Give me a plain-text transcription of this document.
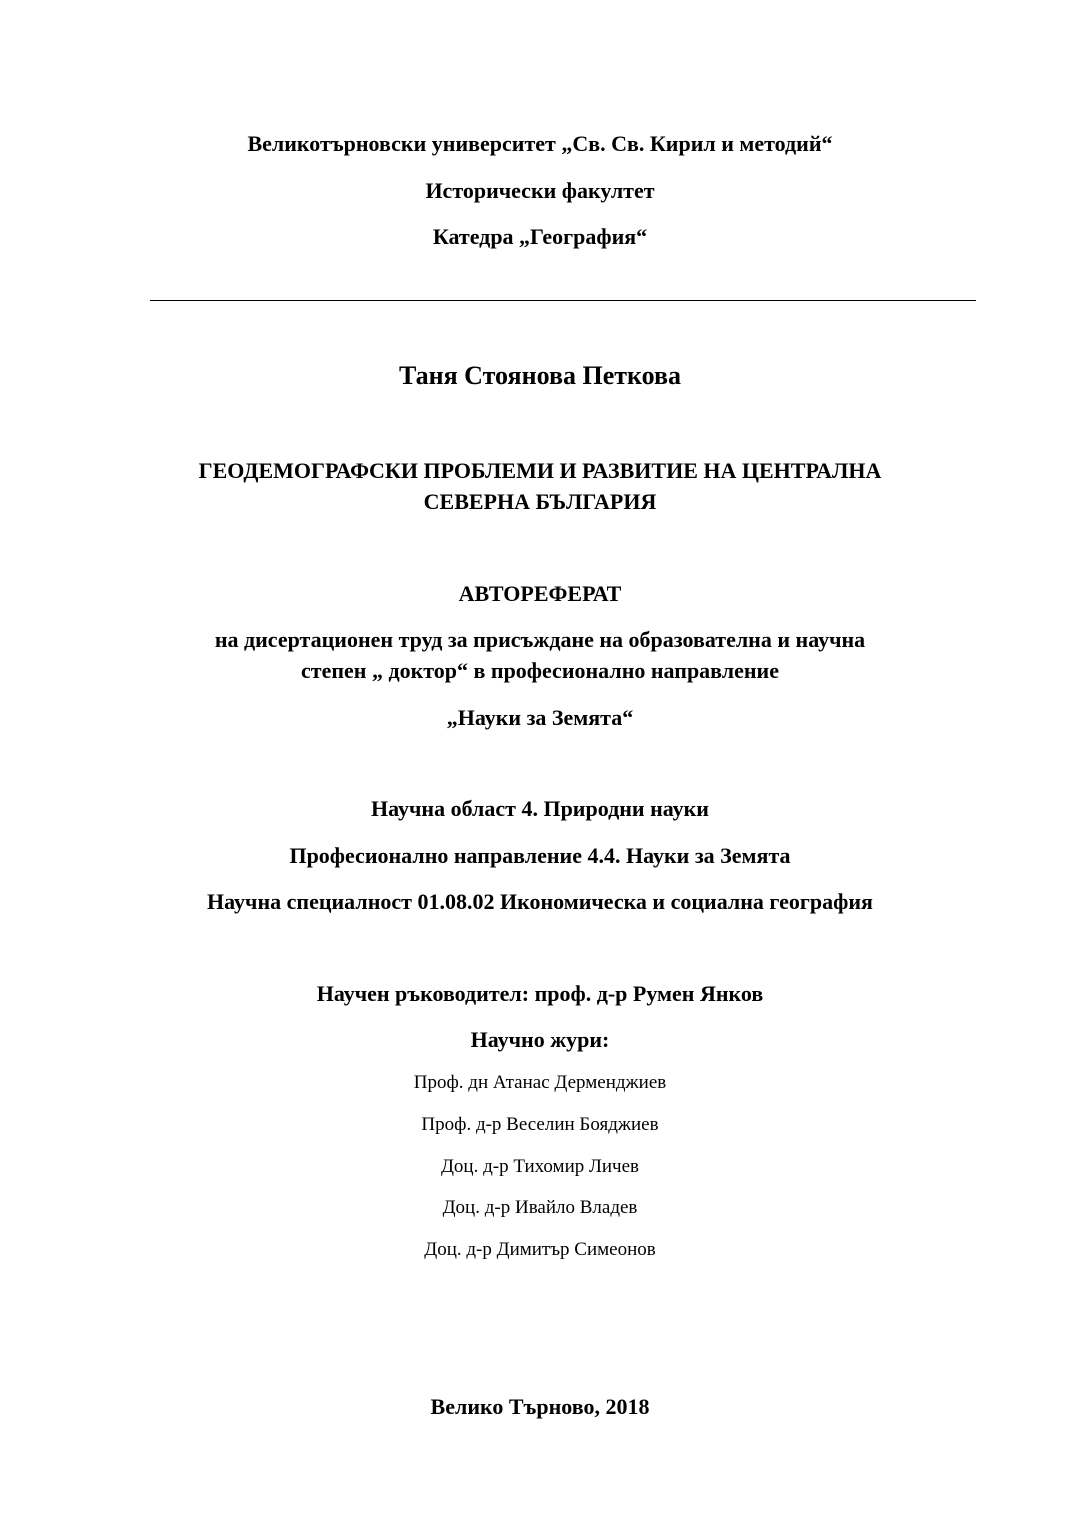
Великотърновски университет „Св. Св. Кирил и методий“
Исторически факултет
Катедра „География“
Таня Стоянова Петкова
ГЕОДЕМОГРАФСКИ ПРОБЛЕМИ И РАЗВИТИЕ НА ЦЕНТРАЛНА
СЕВЕРНА БЪЛГАРИЯ
АВТОРЕФЕРАТ
на дисертационен труд за присъждане на образователна и научна
степен „ доктор“ в професионално направление
„Науки за Земята“
Научна област 4. Природни науки
Професионално направление 4.4. Науки за Земята
Научна специалност 01.08.02 Икономическа и социална география
Научен ръководител: проф. д-р Румен Янков
Научно жури:
Проф. дн Атанас Дерменджиев
Проф. д-р Веселин Бояджиев
Доц. д-р Тихомир Личев
Доц. д-р Ивайло Владев
Доц. д-р Димитър Симеонов
Велико Търново, 2018
